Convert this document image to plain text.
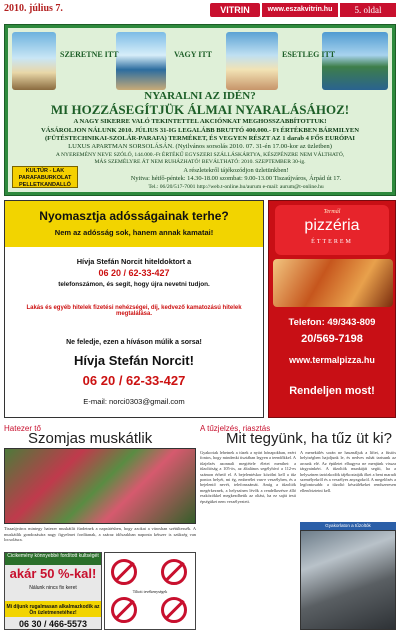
2010. július 7.	VITRIN	www.eszakvitrin.hu	5. oldal
SZERETNE ITT	VAGY ITT	ESETLEG ITT
NYARALNI AZ IDÉN?
MI HOZZÁSEGÍTJÜK ÁLMAI NYARALÁSÁHOZ!
A NAGY SIKERRE VALÓ TEKINTETTEL AKCIÓNKAT MEGHOSSZABBÍTOTTUK!
VÁSÁROLJON NÁLUNK 2010. JÚLIUS 31-IG LEGALÁBB BRUTTÓ 400.000.- Ft ÉRTÉKBEN BÁRMILYEN
(FÜTÉSTECHNIKAI-SZOLÁR-PARAFA) TERMÉKET, ÉS VEGYEN RÉSZT AZ 1 darab 4 FŐS EURÓPAI
LUXUS APARTMAN SORSOLÁSÁN. (Nyilvános sorsolás 2010. 07. 31-én 17.00-kor az üzletben)
A NYEREMÉNY NEVE SZÓLÓ, 144.000.-Ft ÉRTÉKŰ EGYSZERI SZÁLLÁSKÁRTYA, KÉSZPÉNZRE NEM VÁLTHATÓ,
MÁS SZEMÉLYRE ÁT NEM RUHÁZHATÓ! BEVÁLTHATÓ: 2010. SZEPTEMBER 30-ig.
KULTÚR - LAK PARAFABURKOLAT PELLETKANDALLÓ
A részletekről tájékozódjon üzletünkben!
Nyitva: hétfő-péntek: 14.30-18.00 szombat: 9.00-13.00 Tiszaújváros, Árpád út 17.
Tel.: 06/20/517-7001 http://web.t-online.hu/aurum e-mail: aurum@t-online.hu
Nyomasztja adósságainak terhe?
Nem az adósság sok, hanem annak kamatai!
Hívja Stefán Norcit hiteldoktort a
06 20 / 62-33-427
telefonszámon, és segít, hogy újra nevetni tudjon.
Lakás és egyéb hitelek fizetési nehézségei, díj, kedvező kamatozású hitelek megtalálása.
Ne feledje, ezen a híváson múlik a sorsa!
Hívja Stefán Norcit!
06 20 / 62-33-427
E-mail: norci0303@gmail.com
Termál
pizzéria
ÉTTEREM
Telefon: 49/343-809
20/569-7198
www.termalpizza.hu
Rendeljen most!
Hatezer tő
Szomjas muskátlik
Tiszaújváros mintegy hatezer muskátlit fürdetnek a napsütésben, hogy azokat a városban szétültessék. A muskátlik gondozására nagy figyelmet fordítanak, a száraz időszakban naponta kétszer is szükség van locsolásra.
Cicikemény könnyebbé fordított kultségét
akár 50 %-kal!
Nálunk nincs fix keret
Mi díjunk rugalmasan alkalmazkodik az Ön üzletmenetéhez!
06 30 / 466-5573
Tiltott tevékenységek
A tűzjelzés, riasztás
Mit tegyünk, ha tűz üt ki?
Gyakoriak lehetnek a tüzek a nyári hónapokban, ezért fontos, hogy mindenki tisztában legyen a teendőkkel. A tűzjelzés azonnali megtétele életet menthet: a tűzoltóság a 105-ös, az általános segélyhívó a 112-es számon érhető el. A bejelentéskor közölni kell a tűz pontos helyét, mi ég, emberélet van-e veszélyben, és a bejelentő nevét, telefonszámát. Amíg a tűzoltók megérkeznek, a helyszínen lévők a rendelkezésre álló eszközökkel megkezdhetik az oltást, ha ez saját testi épségüket nem veszélyezteti.
A menekülés során ne használjuk a liftet, a füstös helyiségben hajoljunk le, és nedves ruhát tartsunk az arcunk elé. Az épületet elhagyva ne menjünk vissza tárgyainkért. A tűzoltók munkáját segíti, ha a helyszínen tartózkodók tájékoztatják őket a bent maradt személyekről és a veszélyes anyagokról. A megelőzés a legfontosabb: a tűzoltó készülékeket rendszeresen ellenőriztetni kell.
Gyakorlaton a tűzoltók
